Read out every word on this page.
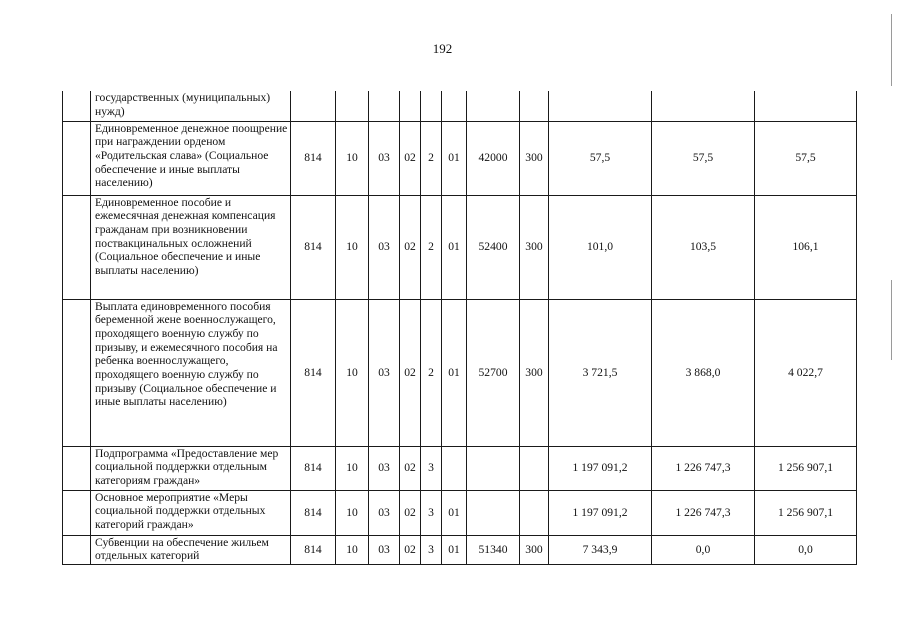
192

	государственных (муниципальных) нужд)											

	Единовременное денежное поощрение при награждении орденом «Родительская слава» (Социальное обеспечение и иные выплаты населению)	814	10	03	02	2	01	42000	300	57,5	57,5	57,5
	Единовременное пособие и ежемесячная денежная компенсация гражданам при возникновении поствакцинальных осложнений (Социальное обеспечение и иные выплаты населению)	814	10	03	02	2	01	52400	300	101,0	103,5	106,1
	Выплата единовременного пособия беременной жене военнослужащего, проходящего военную службу по призыву, и ежемесячного пособия на ребенка военнослужащего, проходящего военную службу по призыву (Социальное обеспечение и иные выплаты населению)	814	10	03	02	2	01	52700	300	3 721,5	3 868,0	4 022,7
	Подпрограмма «Предоставление мер социальной поддержки отдельным категориям граждан»	814	10	03	02	3				1 197 091,2	1 226 747,3	1 256 907,1
	Основное мероприятие «Меры социальной поддержки отдельных категорий граждан»	814	10	03	02	3	01			1 197 091,2	1 226 747,3	1 256 907,1

	Субвенции на обеспечение жильем отдельных категорий	814	10	03	02	3	01	51340	300	7 343,9	0,0	0,0
